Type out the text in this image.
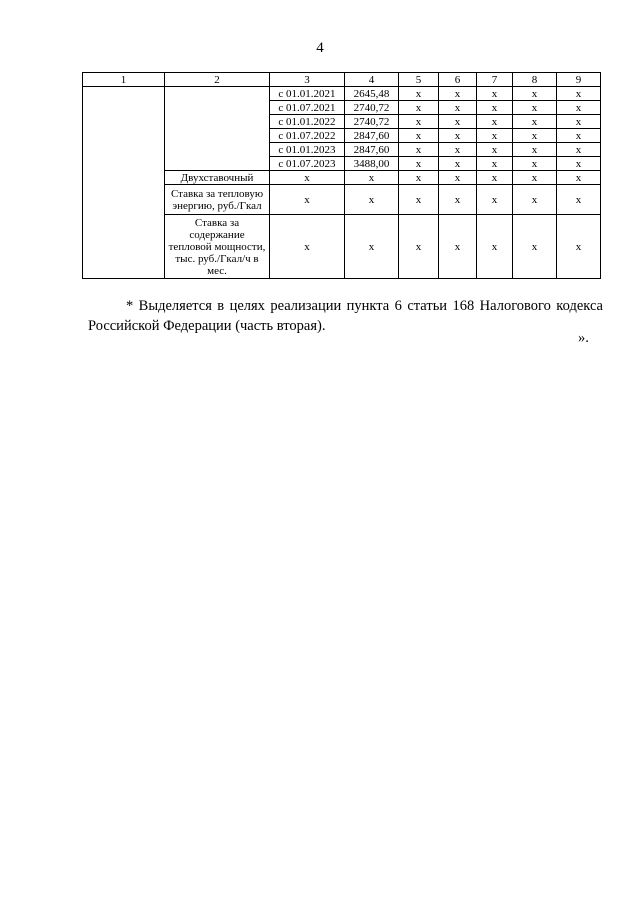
4
1	2	3	4	5	6	7	8	9
		с 01.01.2021	2645,48	x	x	x	x	x
		с 01.07.2021	2740,72	x	x	x	x	x
		с 01.01.2022	2740,72	x	x	x	x	x
		с 01.07.2022	2847,60	x	x	x	x	x
		с 01.01.2023	2847,60	x	x	x	x	x
		с 01.07.2023	3488,00	x	x	x	x	x
	Двухставочный	x	x	x	x	x	x	x
	Ставка за тепловую энергию, руб./Гкал	x	x	x	x	x	x	x
	Ставка за содержание тепловой мощности, тыс. руб./Гкал/ч в мес.	x	x	x	x	x	x	x

* Выделяется в целях реализации пункта 6 статьи 168 Налогового кодекса Российской Федерации (часть вторая).

».
